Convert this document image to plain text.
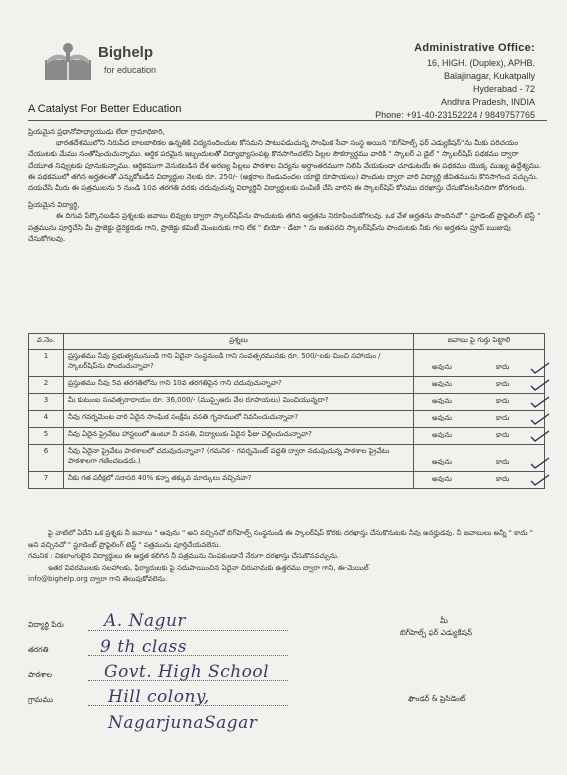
Bighelp
for education
A Catalyst For Better Education
Administrative Office:
16, HIGH. (Duplex), APHB.
Balajinagar, Kukatpally
Hyderabad - 72
Andhra Pradesh, INDIA
Phone: +91-40-23152224 / 9849757765

ప్రియమైన ప్రధానోపాధ్యాయుడు లేదా గ్రామాధికారి,

భారతదేశములోని నిరుపేద బాలబాలికల ఉన్నతికి విద్యనందించుట కోసమని పాటుపడుచున్న సాంఘిక సేవా సంస్థ అయిన "బిగ్‌హెల్ప్ ఫర్ ఎడ్యుకేషన్"ను మీకు పరిచయం చేయుటకు మేము సంతోషించుచున్నాము. ఆర్థిక పరమైన ఇబ్బందులతో విద్యాభ్యాసంపట్ల కొనసాగించలేని పిల్లల సౌకర్యార్థము వారికి " స్కాలర్ ఎ డైల్ " స్కాలర్‌షిప్ పథకము ద్వారా చేయూత నివ్వుటకు పూనుకున్నాము. ఆర్థికముగా వెనుకబడిన దేశ అరణ్య పిల్లలు పాఠశాల విద్యను అర్ధాంతరముగా నిలిపి వేయకుండా చూడుటయే ఈ పథకము యొక్క ముఖ్య ఉద్దేశ్యము. ఈ పథకములో తగిన అర్హతలతో ఎన్నుకోబడిన విద్యార్థుల నెలకు రూ. 250/- (అక్షరాల రెండువందల యాభై రూపాయలు) పొందుట ద్వారా వారి విద్యార్థి జీవితమును కొనసాగించ వచ్చును. దయచేసి మీరు ఈ పత్రములను 5 నుండి 10వ తరగతి వరకు చదువుచున్న విద్యార్థినీ విద్యార్థులకు పంపిణీ చేసి వారిని ఈ స్కాలర్‌షిప్ కోసము దరఖాస్తు చేసుకోవలసినదిగా కోరగలరు.

ప్రియమైన విద్యార్థి,

ఈ దిగువ పేర్కొనబడిన ప్రశ్నలకు జవాబు లివ్వుట ద్వారా స్కాలర్‌షిప్‌ను పొందుటకు తగిన అర్హతను నిరూపించుకోగలవు. ఒక వేళ అర్హతను పొందినచో " స్టూడెంట్ ప్రొఫైలింగ్ టెస్ట్ " పత్రమును పూర్తిచేసి మీ ప్రాజెక్టు డైరెక్టరుకు గాని, ప్రాజెక్టు కమిటీ మెంబరుకు గాని లేక " బియో - డేటా " ను జతపరచి స్కాలర్‌షిప్‌ను పొందుటకు నీకు గల అర్హతను ప్రూవ్ ఋజువు చేసుకోగలవు.

వ.నెం.	ప్రశ్నలు	జవాబు పై గుర్తు పెట్టాలి
1	ప్రస్తుతము నీవు ప్రభుత్వమునుండి గాని ఏదైనా సంస్థనుండి గాని సంవత్సరమునకు రూ. 500/-లకు మించి సహాయం / స్కాలర్‌షిప్‌ను పొందుచున్నావా?	అవును కాదు

2	ప్రస్తుతము నీవు 5వ తరగతిలోను గాని 10వ తరగతిపైన గాని చదువుచున్నావా?	అవును కాదు

3	మీ కుటుంబ సంవత్సరాదాయం రూ. 36,000/- (ముప్పైఆరు వేల రూపాయలు) మించియున్నదా?	అవును కాదు

4	నీవు గవర్నమెంట వారి ఏదైన సాంఘిక సంక్షేమ వసతి గృహములో నివసించుచున్నావా?	అవును కాదు

5	నీవు ఏదైన ప్రైవేటు హాస్టలులో ఉంటూ నీ వసతి, విద్యాలుకు ఏదైన ఫీజు చెల్లించుచున్నావా?	అవును కాదు

6	నీవు ఏదైనా ప్రైవేటు పాఠశాలలో చదువుచున్నావా? (గమనిక - గవర్నమెంట్ పద్ధతి ద్వారా నడుపుచున్న పాఠశాల ప్రైవేటు పాఠశాలగా గణించబడదు.)	అవును కాదు

7	నీకు గత పరీక్షలో సరాసరి 40% కన్నా తక్కువ మార్కులు వచ్చినవా?	అవును కాదు

పై వాటిలో ఏదేని ఒక ప్రశ్నకు నీ జవాబు " అవును " అని వచ్చినచో బిగ్‌హెల్ప్ సంస్థనుండి ఈ స్కాలర్‌షిప్ కొరకు దరఖాస్తు చేసుకొనుటకు నీవు అనర్హుడవు. నీ జవాబులు అన్నీ " కాదు " అని వచ్చినచో " స్టూడెంట్ ప్రొఫైలింగ్ టెస్ట్ " పత్రమును పూర్తిచేయవలెను.

గమనిక : వికలాంగులైన విద్యార్థులు ఈ అర్హత కలిగిన నీ పత్రమును నింపకుండానే నేరుగా దరఖాస్తు చేసుకొనవచ్చును.

ఇతర వివరములకు సలహాలకు, ఫిర్యాదులకు పై సదుపాయించిన ఏదైనా చిరునామకు ఉత్తరము ద్వారా గాని, ఈ-మెయిల్

info@bighelp.org ద్వారా గాని తెలుపుకోవలెను.

విద్యార్థి పేరు A. Nagur
తరగతి	9 th class
పాఠశాల	Govt. High School
గ్రామము	Hill colony,
NagarjunaSagar
మీ
బిగ్‌హెల్ప్ ఫర్ ఎడ్యుకేషన్
ఫౌండర్ & ప్రెసిడెంట్
